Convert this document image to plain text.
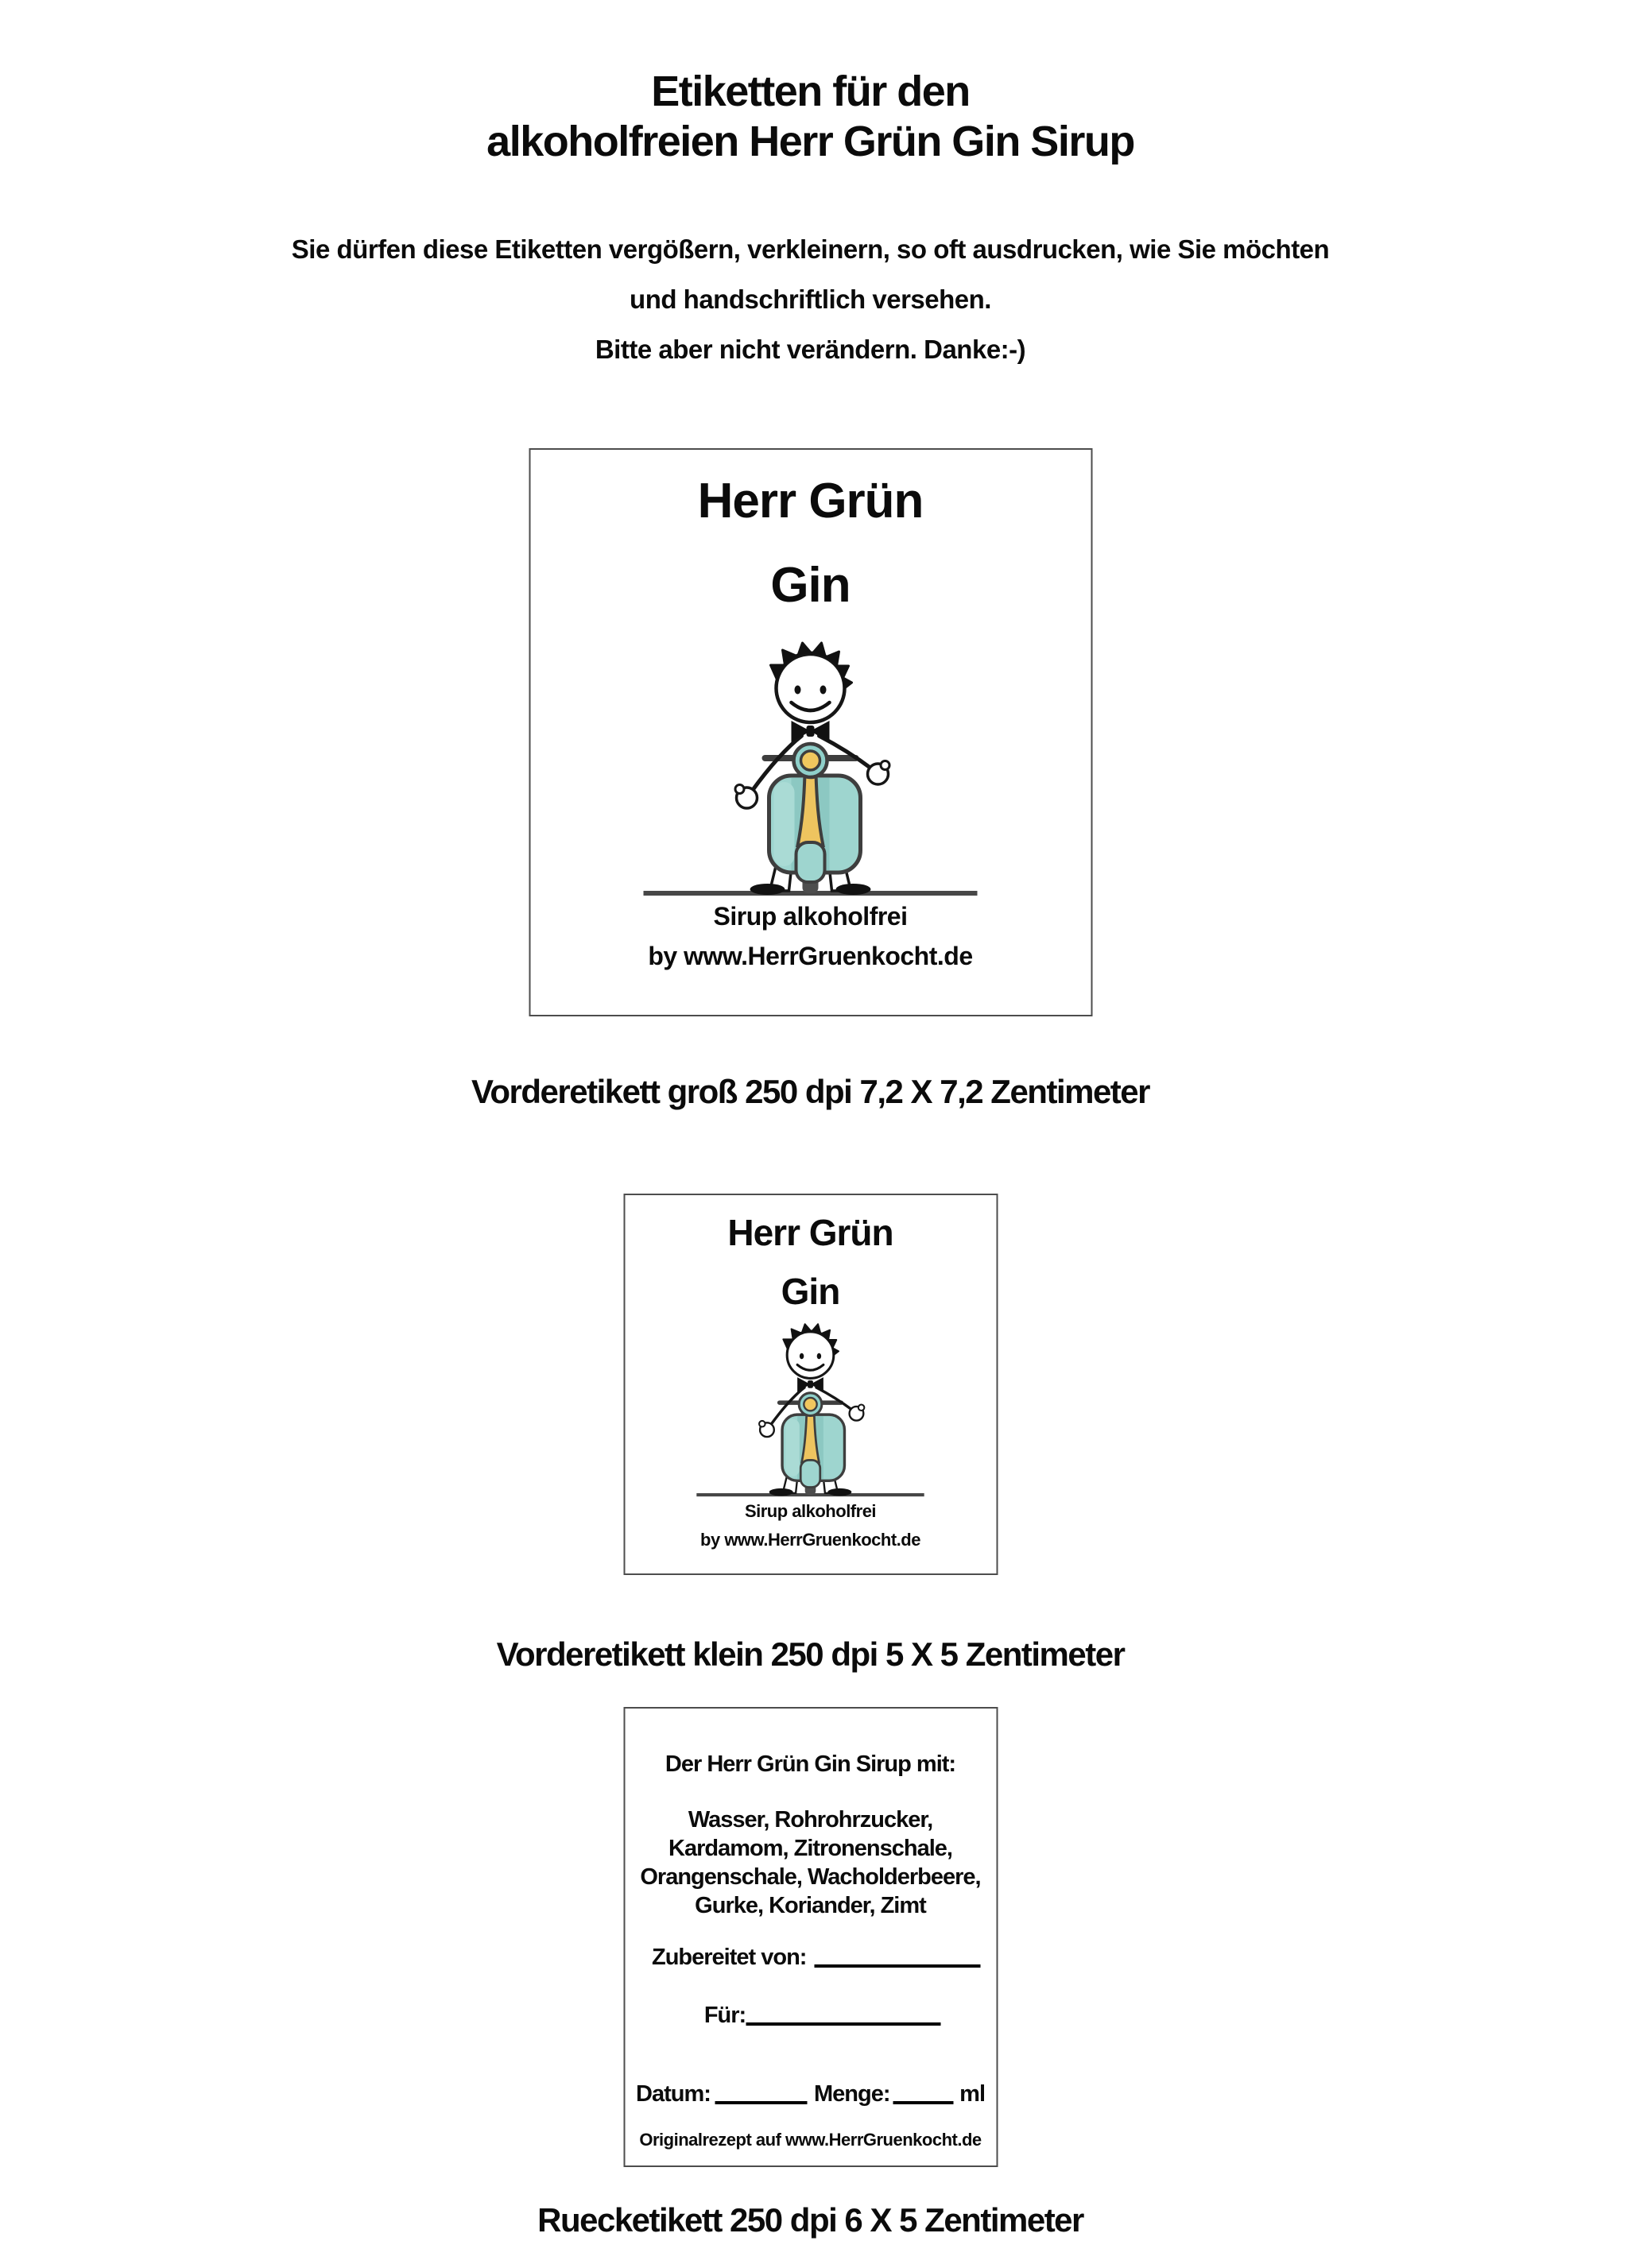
Etiketten für den
alkoholfreien Herr Grün Gin Sirup
Sie dürfen diese Etiketten vergößern, verkleinern, so oft ausdrucken, wie Sie möchten
und handschriftlich versehen.
Bitte aber nicht verändern. Danke:-)
Herr Grün
Gin
Sirup alkoholfrei
by www.HerrGruenkocht.de
Vorderetikett groß 250 dpi 7,2 X 7,2 Zentimeter
Herr Grün
Gin
Sirup alkoholfrei
by www.HerrGruenkocht.de
Vorderetikett klein 250 dpi 5 X 5 Zentimeter
Der Herr Grün Gin Sirup mit:
Wasser, Rohrohrzucker,
Kardamom, Zitronenschale,
Orangenschale, Wacholderbeere,
Gurke, Koriander, Zimt
Zubereitet von:
Für:
Datum:	Menge:	ml
Originalrezept auf www.HerrGruenkocht.de
Ruecketikett 250 dpi 6 X 5 Zentimeter
